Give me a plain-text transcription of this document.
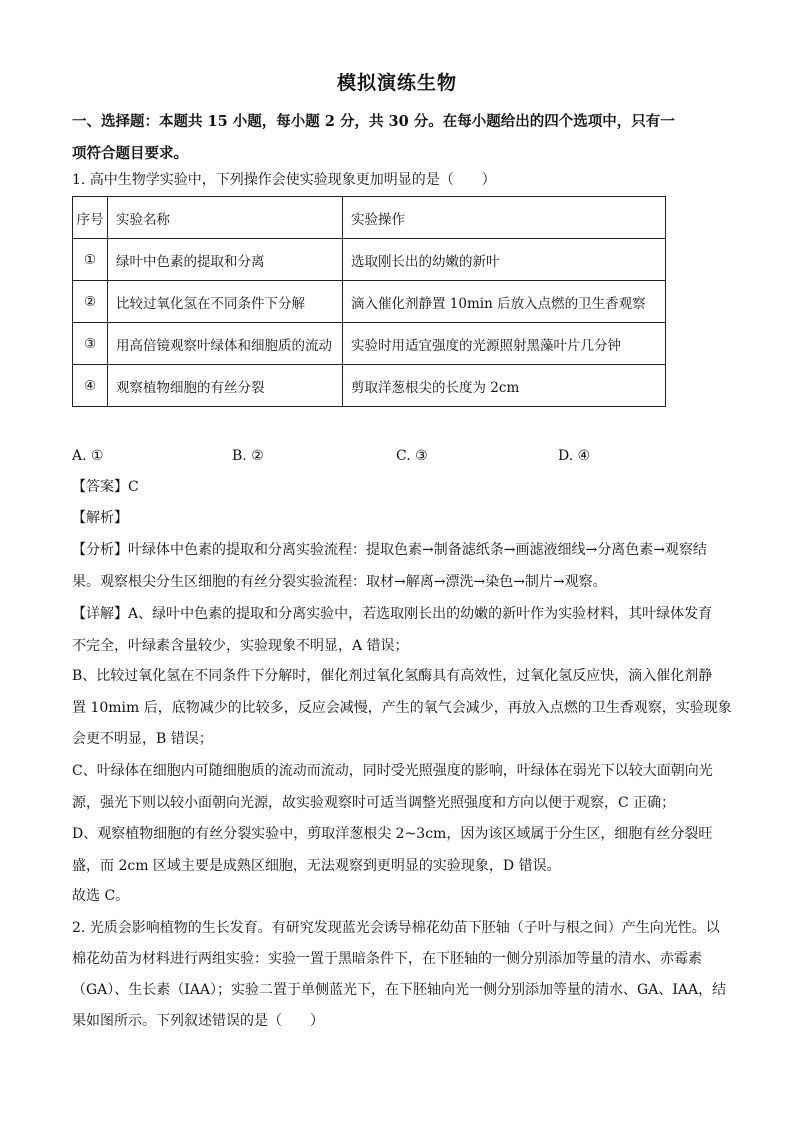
模拟演练生物
一、选择题：本题共 15 小题，每小题 2 分，共 30 分。在每小题给出的四个选项中，只有一
项符合题目要求。
1. 高中生物学实验中，下列操作会使实验现象更加明显的是（　　）
序号	实验名称	实验操作
①	绿叶中色素的提取和分离	选取刚长出的幼嫩的新叶
②	比较过氧化氢在不同条件下分解	滴入催化剂静置 10min 后放入点燃的卫生香观察
③	用高倍镜观察叶绿体和细胞质的流动	实验时用适宜强度的光源照射黑藻叶片几分钟
④	观察植物细胞的有丝分裂	剪取洋葱根尖的长度为 2cm
A. ①	B. ②	C. ③	D. ④
【答案】C
【解析】
【分析】叶绿体中色素的提取和分离实验流程：提取色素→制备滤纸条→画滤液细线→分离色素→观察结
果。观察根尖分生区细胞的有丝分裂实验流程：取材→解离→漂洗→染色→制片→观察。
【详解】A、绿叶中色素的提取和分离实验中，若选取刚长出的幼嫩的新叶作为实验材料，其叶绿体发育
不完全，叶绿素含量较少，实验现象不明显，A 错误；
B、比较过氧化氢在不同条件下分解时，催化剂过氧化氢酶具有高效性，过氧化氢反应快，滴入催化剂静
置 10mim 后，底物减少的比较多，反应会减慢，产生的氧气会减少，再放入点燃的卫生香观察，实验现象
会更不明显，B 错误；
C、叶绿体在细胞内可随细胞质的流动而流动，同时受光照强度的影响，叶绿体在弱光下以较大面朝向光
源，强光下则以较小面朝向光源，故实验观察时可适当调整光照强度和方向以便于观察，C 正确；
D、观察植物细胞的有丝分裂实验中，剪取洋葱根尖 2~3cm，因为该区域属于分生区，细胞有丝分裂旺
盛，而 2cm 区域主要是成熟区细胞，无法观察到更明显的实验现象，D 错误。
故选 C。
2. 光质会影响植物的生长发育。有研究发现蓝光会诱导棉花幼苗下胚轴（子叶与根之间）产生向光性。以
棉花幼苗为材料进行两组实验：实验一置于黑暗条件下，在下胚轴的一侧分别添加等量的清水、赤霉素
（GA）、生长素（IAA）；实验二置于单侧蓝光下，在下胚轴向光一侧分别添加等量的清水、GA、IAA，结
果如图所示。下列叙述错误的是（　　）
